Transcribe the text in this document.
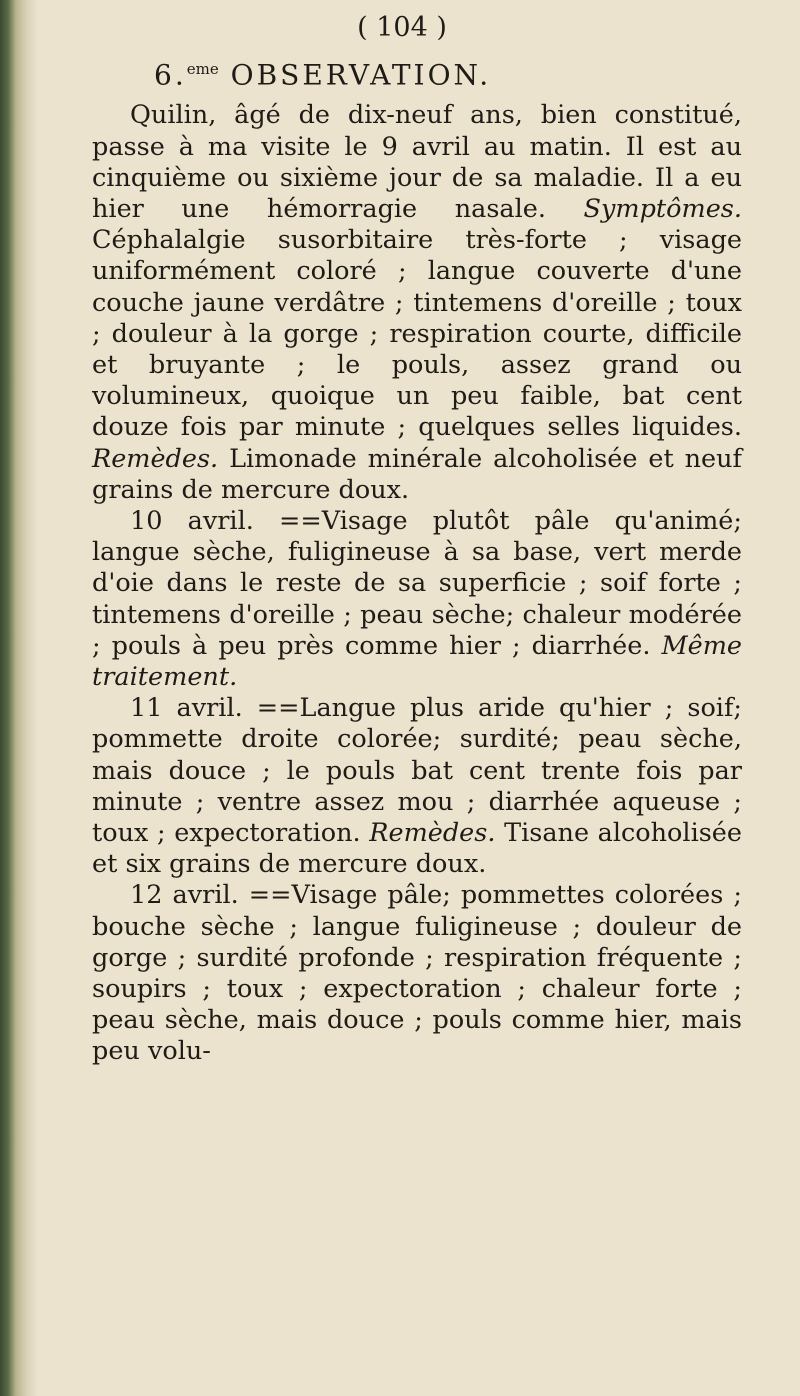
( 104 )
6.$^{eme}$ OBSERVATION.

Quilin, âgé de dix-neuf ans, bien constitué, passe à ma visite le 9 avril au matin. Il est au cinquième ou sixième jour de sa maladie. Il a eu hier une hémorragie nasale. Symptômes. Céphalalgie susorbitaire très-forte ; visage uniformément coloré ; langue couverte d'une couche jaune verdâtre ; tintemens d'oreille ; toux ; douleur à la gorge ; respiration courte, difficile et bruyante ; le pouls, assez grand ou volumineux, quoique un peu faible, bat cent douze fois par minute ; quelques selles liquides. Remèdes. Limonade minérale alcoholisée et neuf grains de mercure doux.

10 avril. ==Visage plutôt pâle qu'animé; langue sèche, fuligineuse à sa base, vert merde d'oie dans le reste de sa superficie ; soif forte ; tintemens d'oreille ; peau sèche; chaleur modérée ; pouls à peu près comme hier ; diarrhée. Même traitement.

11 avril. ==Langue plus aride qu'hier ; soif; pommette droite colorée; surdité; peau sèche, mais douce ; le pouls bat cent trente fois par minute ; ventre assez mou ; diarrhée aqueuse ; toux ; expectoration. Remèdes. Tisane alcoholisée et six grains de mercure doux.

12 avril. ==Visage pâle; pommettes colorées ; bouche sèche ; langue fuligineuse ; douleur de gorge ; surdité profonde ; respiration fréquente ; soupirs ; toux ; expectoration ; chaleur forte ; peau sèche, mais douce ; pouls comme hier, mais peu volu-
